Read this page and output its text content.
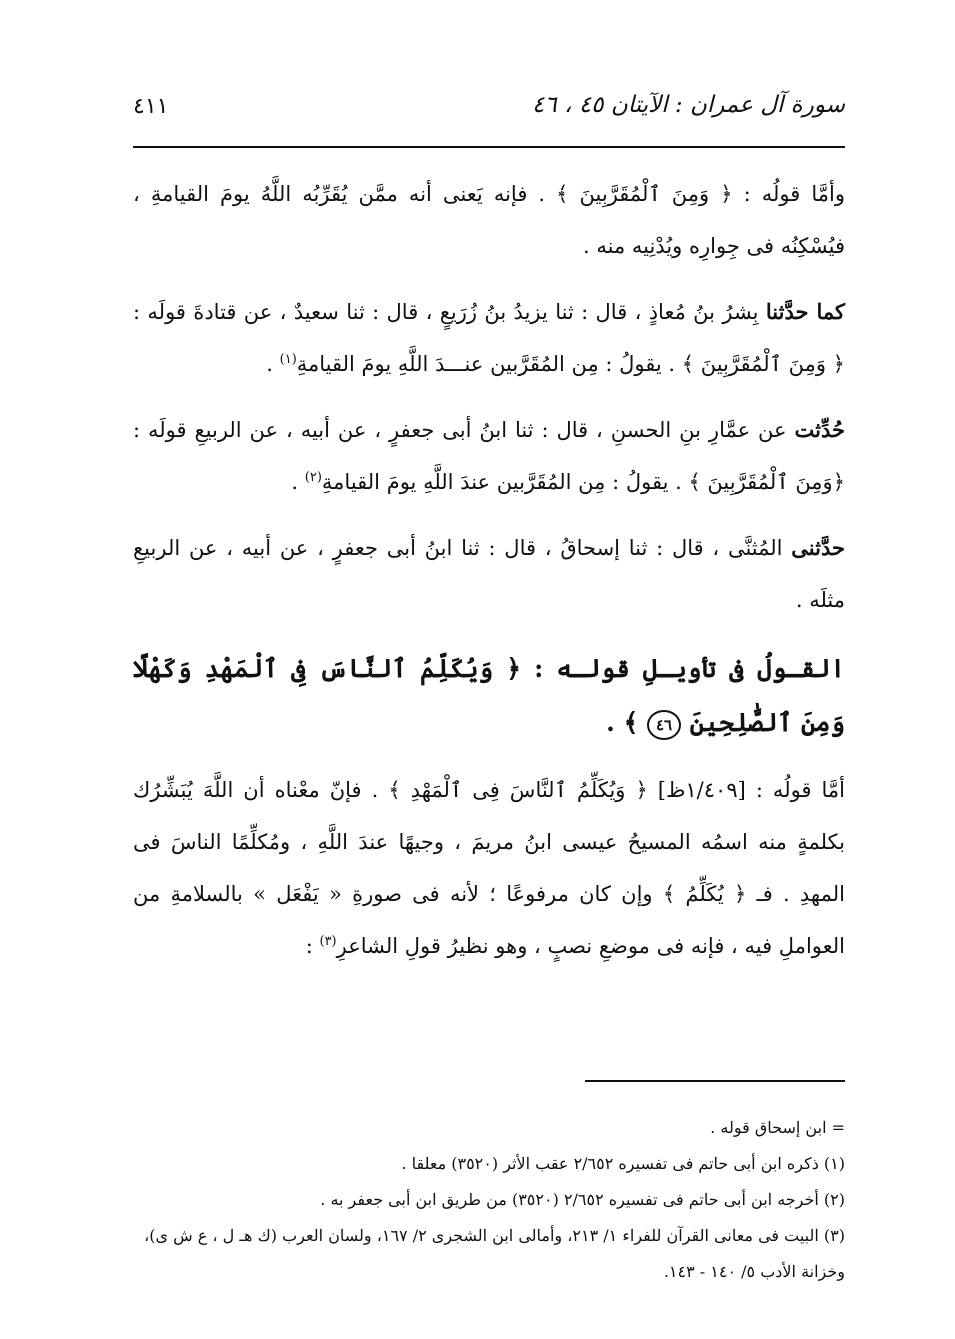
سورة آل عمران : الآيتان ٤٥ ، ٤٦
٤١١

وأمَّا قولُه : ﴿ وَمِنَ ٱلْمُقَرَّبِينَ ﴾ . فإنه يَعنى أنه ممَّن يُقَرِّبُه اللَّهُ يومَ القيامةِ ، فيُسْكِنُه فى جِوارِه ويُدْنِيه منه .

كما حدَّثنا بِشرُ بنُ مُعاذٍ ، قال : ثنا يزيدُ بنُ زُرَيعٍ ، قال : ثنا سعيدٌ ، عن قتادةَ قولَه : ﴿ وَمِنَ ٱلْمُقَرَّبِينَ ﴾ . يقولُ : مِن المُقَرَّبين عنـــدَ اللَّهِ يومَ القيامةِ$^{(١)}$ .

حُدِّثت عن عمَّارِ بنِ الحسنِ ، قال : ثنا ابنُ أبى جعفرٍ ، عن أبيه ، عن الربيعِ قولَه : ﴿وَمِنَ ٱلْمُقَرَّبِينَ ﴾ . يقولُ : مِن المُقَرَّبين عندَ اللَّهِ يومَ القيامةِ$^{(٢)}$ .

حدَّثنى المُثنَّى ، قال : ثنا إسحاقُ ، قال : ثنا ابنُ أبى جعفرٍ ، عن أبيه ، عن الربيعِ مثلَه .

القـولُ فى تأويـلِ قولـه : ﴿ وَيُكَلِّمُ ٱلنَّاسَ فِى ٱلْمَهْدِ وَكَهْلًا وَمِنَ ٱلصَّٰلِحِينَ ٤٦ ﴾ .

أمَّا قولُه : [١/٤٠٩ظ] ﴿ وَيُكَلِّمُ ٱلنَّاسَ فِى ٱلْمَهْدِ ﴾ . فإنّ معْناه أن اللَّهَ يُبَشِّرُك بكلمةٍ منه اسمُه المسيحُ عيسى ابنُ مريمَ ، وجيهًا عندَ اللَّهِ ، ومُكلِّمًا الناسَ فى المهدِ . فـ ﴿ يُكَلِّمُ ﴾ وإن كان مرفوعًا ؛ لأنه فى صورةِ « يَفْعَل » بالسلامةِ من العواملِ فيه ، فإنه فى موضعِ نصبٍ ، وهو نظيرُ قولِ الشاعرِ$^{(٣)}$ :

= ابن إسحاق قوله .

(١) ذكره ابن أبى حاتم فى تفسيره ٢/٦٥٢ عقب الأثر (٣٥٢٠) معلقا .

(٢) أخرجه ابن أبى حاتم فى تفسيره ٢/٦٥٢ (٣٥٢٠) من طريق ابن أبى جعفر به .

(٣) البيت فى معانى القرآن للفراء ١/ ٢١٣، وأمالى ابن الشجرى ٢/ ١٦٧، ولسان العرب (ك هـ ل ، ع ش ى)، وخزانة الأدب ٥/ ١٤٠ - ١٤٣.
